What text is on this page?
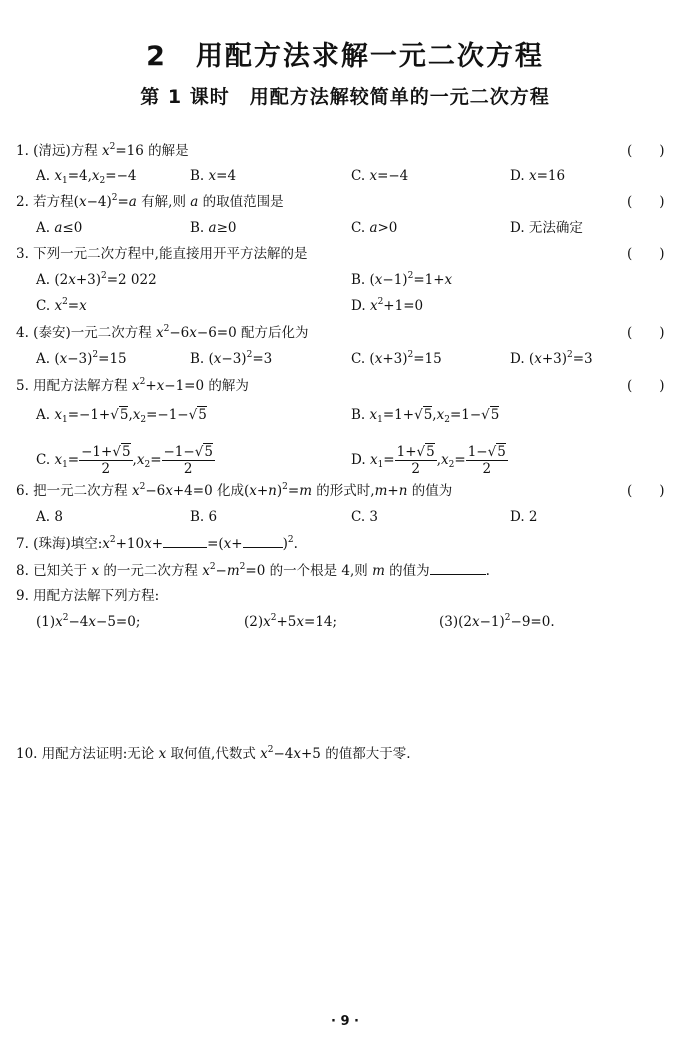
2　用配方法求解一元二次方程
第 1 课时　用配方法解较简单的一元二次方程
1. (清远)方程 $x^2=16$ 的解是	(　　)
A. $x_1=4,x_2=-4$	B. x=4	C. x=−4	D. x=16
2. 若方程$(x-4)^2=a$ 有解,则 a 的取值范围是	(　　)
A. a≤0	B. a≥0	C. a>0	D. 无法确定
3. 下列一元二次方程中,能直接用开平方法解的是	(　　)
A. $(2x+3)^2=2$ 022	B. $(x-1)^2=1+x$
C. $x^2=x$	D. $x^2+1=0$
4. (泰安)一元二次方程 $x^2-6x-6=0$ 配方后化为	(　　)
A. $(x-3)^2=15$	B. $(x-3)^2=3$	C. $(x+3)^2=15$	D. $(x+3)^2=3$
5. 用配方法解方程 $x^2+x-1=0$ 的解为	(　　)
A. $x_1=-1+√5,x_2=-1-√5$	B. $x_1=1+√5,x_2=1-√5$
C. $x_1= \frac{-1+√5}{2} ,x_2= \frac{-1-√5}{2}$	D. $x_1= \frac{1+√5}{2} ,x_2= \frac{1-√5}{2}$
6. 把一元二次方程 $x^2-6x+4=0$ 化成$(x+n)^2=m$ 的形式时,m+n 的值为	(　　)
A. 8	B. 6	C. 3	D. 2
7. (珠海)填空$:x^2+10x+$	=(x+	)$^2$.
8. 已知关于 x 的一元二次方程 $x^2-m^2=0$ 的一个根是 4,则 m 的值为	.
9. 用配方法解下列方程:
$(1)x^2-4x-5=0$;	$(2)x^2+5x=14$;	$(3)(2x-1)^2-9=0$.
10. 用配方法证明:无论 x 取何值,代数式 $x^2-4x+5$ 的值都大于零.
· 9 ·
